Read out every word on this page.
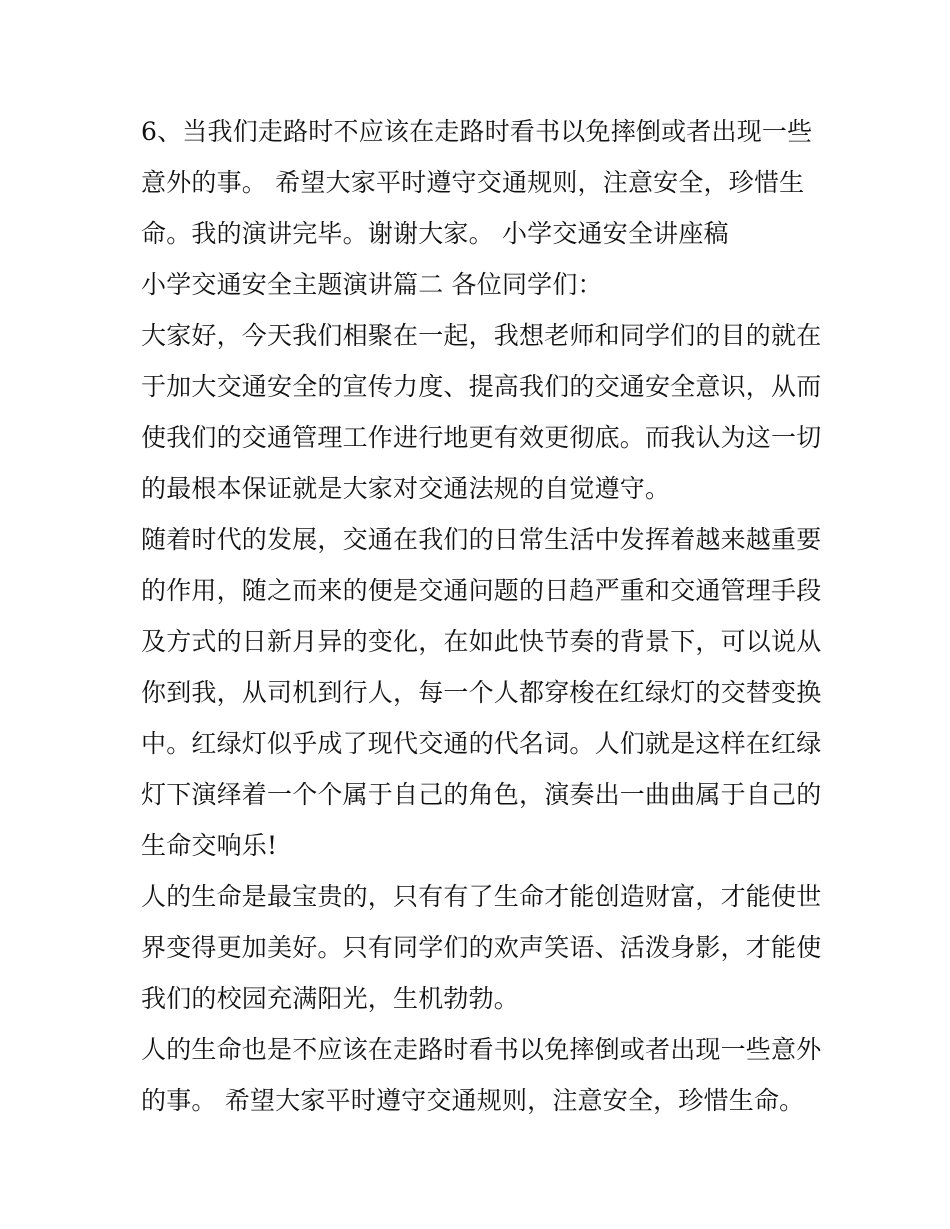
6、当我们走路时不应该在走路时看书以免摔倒或者出现一些
意外的事。 希望大家平时遵守交通规则，注意安全，珍惜生
命。我的演讲完毕。谢谢大家。 小学交通安全讲座稿
小学交通安全主题演讲篇二 各位同学们：
大家好，今天我们相聚在一起，我想老师和同学们的目的就在
于加大交通安全的宣传力度、提高我们的交通安全意识，从而
使我们的交通管理工作进行地更有效更彻底。而我认为这一切
的最根本保证就是大家对交通法规的自觉遵守。
随着时代的发展，交通在我们的日常生活中发挥着越来越重要
的作用，随之而来的便是交通问题的日趋严重和交通管理手段
及方式的日新月异的变化，在如此快节奏的背景下，可以说从
你到我，从司机到行人，每一个人都穿梭在红绿灯的交替变换
中。红绿灯似乎成了现代交通的代名词。人们就是这样在红绿
灯下演绎着一个个属于自己的角色，演奏出一曲曲属于自己的
生命交响乐!
人的生命是最宝贵的，只有有了生命才能创造财富，才能使世
界变得更加美好。只有同学们的欢声笑语、活泼身影，才能使
我们的校园充满阳光，生机勃勃。
人的生命也是不应该在走路时看书以免摔倒或者出现一些意外
的事。 希望大家平时遵守交通规则，注意安全，珍惜生命。
